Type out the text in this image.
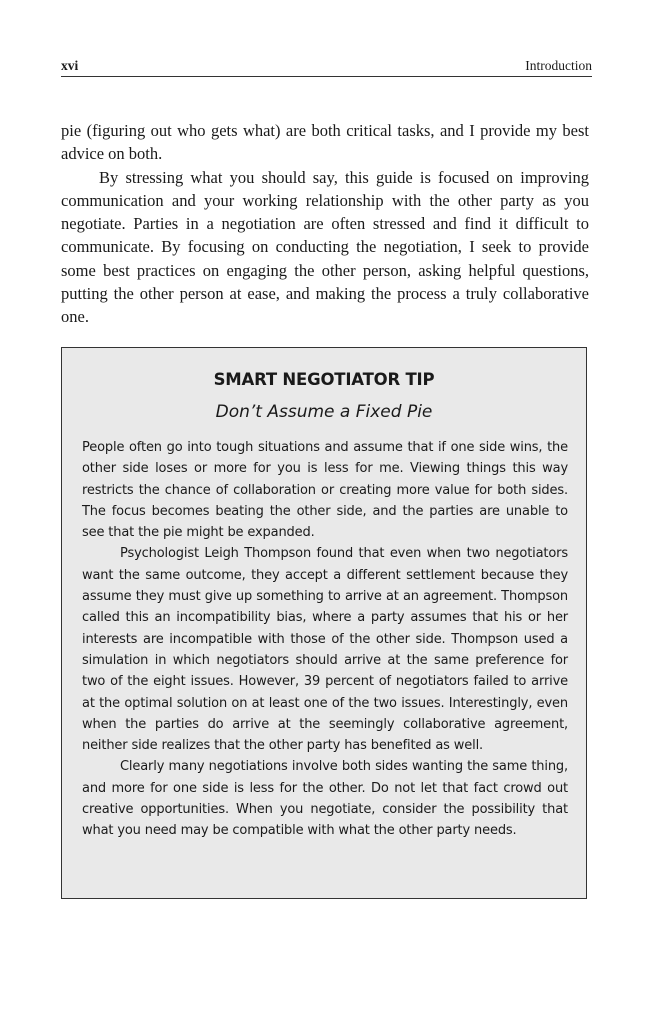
xvi	Introduction

pie (figuring out who gets what) are both critical tasks, and I provide my best advice on both.

By stressing what you should say, this guide is focused on improving communication and your working relationship with the other party as you negotiate. Parties in a negotiation are often stressed and find it difficult to communicate. By focusing on conducting the negotiation, I seek to provide some best practices on engaging the other person, asking helpful questions, putting the other person at ease, and making the process a truly collaborative one.

SMART NEGOTIATOR TIP
Don’t Assume a Fixed Pie

People often go into tough situations and assume that if one side wins, the other side loses or more for you is less for me. Viewing things this way restricts the chance of collaboration or creating more value for both sides. The focus becomes beating the other side, and the parties are unable to see that the pie might be expanded.

Psychologist Leigh Thompson found that even when two negotiators want the same outcome, they accept a different settlement because they assume they must give up something to arrive at an agreement. Thompson called this an incompatibility bias, where a party assumes that his or her interests are incompatible with those of the other side. Thompson used a simulation in which negotiators should arrive at the same preference for two of the eight issues. However, 39 percent of negotiators failed to arrive at the optimal solution on at least one of the two issues. Interestingly, even when the parties do arrive at the seemingly collaborative agreement, neither side realizes that the other party has benefited as well.

Clearly many negotiations involve both sides wanting the same thing, and more for one side is less for the other. Do not let that fact crowd out creative opportunities. When you negotiate, consider the possibility that what you need may be compatible with what the other party needs.
